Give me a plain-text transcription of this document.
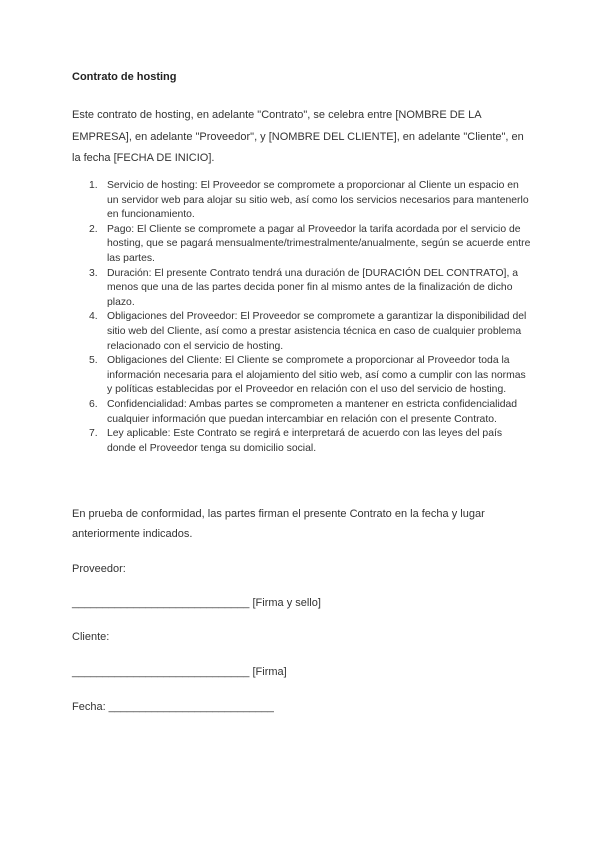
Contrato de hosting
Este contrato de hosting, en adelante "Contrato", se celebra entre [NOMBRE DE LA EMPRESA], en adelante "Proveedor", y [NOMBRE DEL CLIENTE], en adelante "Cliente", en la fecha [FECHA DE INICIO].
1. Servicio de hosting: El Proveedor se compromete a proporcionar al Cliente un espacio en un servidor web para alojar su sitio web, así como los servicios necesarios para mantenerlo en funcionamiento.
2. Pago: El Cliente se compromete a pagar al Proveedor la tarifa acordada por el servicio de hosting, que se pagará mensualmente/trimestralmente/anualmente, según se acuerde entre las partes.
3. Duración: El presente Contrato tendrá una duración de [DURACIÓN DEL CONTRATO], a menos que una de las partes decida poner fin al mismo antes de la finalización de dicho plazo.
4. Obligaciones del Proveedor: El Proveedor se compromete a garantizar la disponibilidad del sitio web del Cliente, así como a prestar asistencia técnica en caso de cualquier problema relacionado con el servicio de hosting.
5. Obligaciones del Cliente: El Cliente se compromete a proporcionar al Proveedor toda la información necesaria para el alojamiento del sitio web, así como a cumplir con las normas y políticas establecidas por el Proveedor en relación con el uso del servicio de hosting.
6. Confidencialidad: Ambas partes se comprometen a mantener en estricta confidencialidad cualquier información que puedan intercambiar en relación con el presente Contrato.
7. Ley aplicable: Este Contrato se regirá e interpretará de acuerdo con las leyes del país donde el Proveedor tenga su domicilio social.
En prueba de conformidad, las partes firman el presente Contrato en la fecha y lugar anteriormente indicados.
Proveedor:
_____________________________ [Firma y sello]
Cliente:
_____________________________ [Firma]
Fecha: ___________________________
